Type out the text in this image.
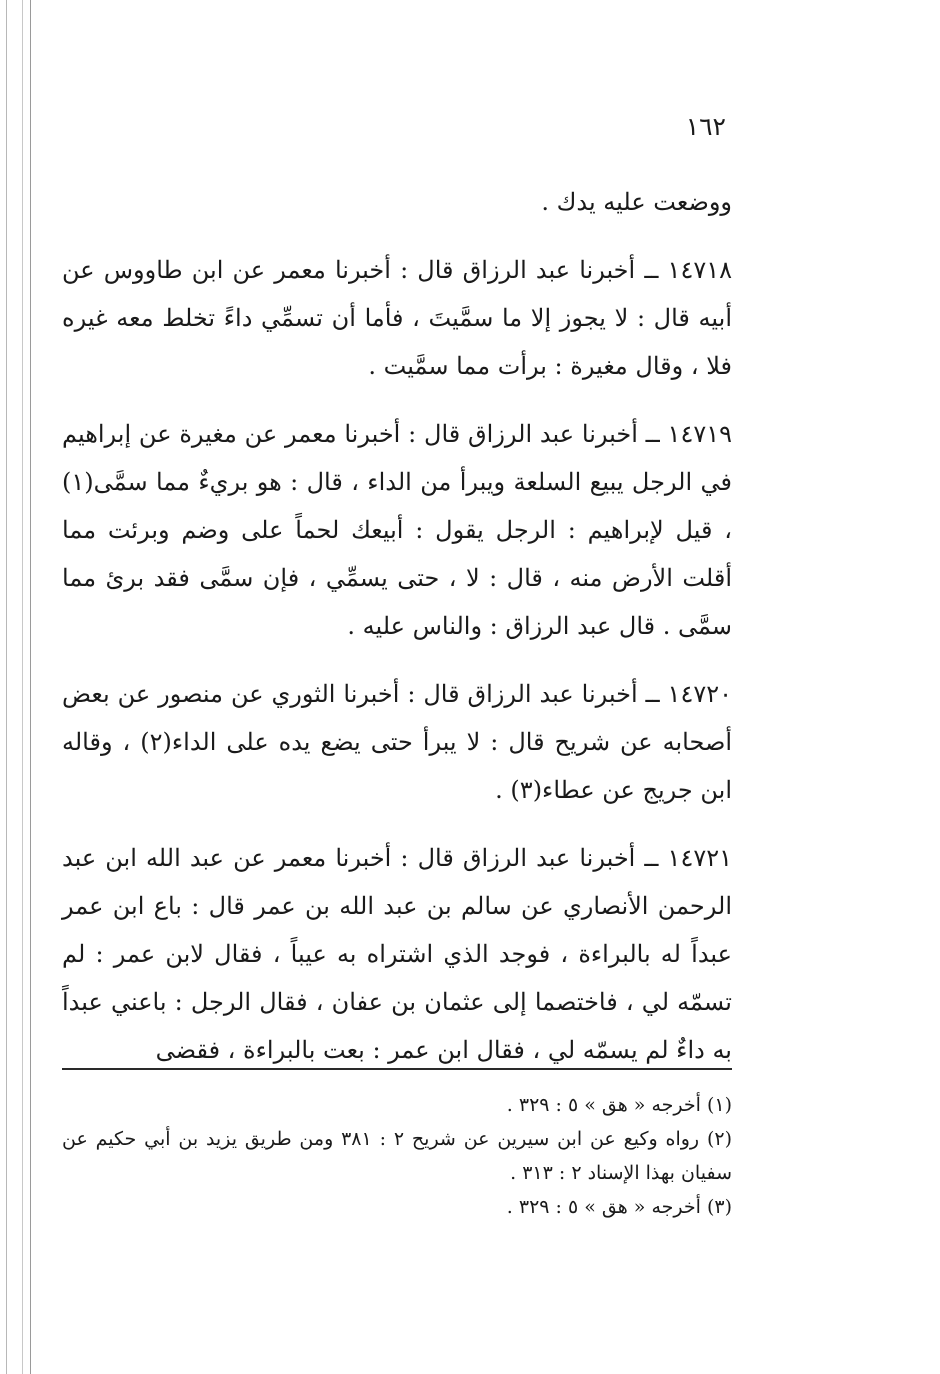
١٦٢

ووضعت عليه يدك .

١٤٧١٨ ــ أخبرنا عبد الرزاق قال : أخبرنا معمر عن ابن طاووس عن أبيه قال : لا يجوز إلا ما سمَّيتَ ، فأما أن تسمِّي داءً تخلط معه غيره فلا ، وقال مغيرة : برأت مما سمَّيت .

١٤٧١٩ ــ أخبرنا عبد الرزاق قال : أخبرنا معمر عن مغيرة عن إبراهيم في الرجل يبيع السلعة ويبرأ من الداء ، قال : هو بريءٌ مما سمَّى(١) ، قيل لإبراهيم : الرجل يقول : أبيعك لحماً على وضم وبرئت مما أقلت الأرض منه ، قال : لا ، حتى يسمِّي ، فإن سمَّى فقد برئ مما سمَّى . قال عبد الرزاق : والناس عليه .

١٤٧٢٠ ــ أخبرنا عبد الرزاق قال : أخبرنا الثوري عن منصور عن بعض أصحابه عن شريح قال : لا يبرأ حتى يضع يده على الداء(٢) ، وقاله ابن جريج عن عطاء(٣) .

١٤٧٢١ ــ أخبرنا عبد الرزاق قال : أخبرنا معمر عن عبد الله ابن عبد الرحمن الأنصاري عن سالم بن عبد الله بن عمر قال : باع ابن عمر عبداً له بالبراءة ، فوجد الذي اشتراه به عيباً ، فقال لابن عمر : لم تسمّه لي ، فاختصما إلى عثمان بن عفان ، فقال الرجل : باعني عبداً به داءٌ لم يسمّه لي ، فقال ابن عمر : بعت بالبراءة ، فقضى

(١) أخرجه « هق » ٥ : ٣٢٩ .

(٢) رواه وكيع عن ابن سيرين عن شريح ٢ : ٣٨١ ومن طريق يزيد بن أبي حكيم عن سفيان بهذا الإسناد ٢ : ٣١٣ .

(٣) أخرجه « هق » ٥ : ٣٢٩ .
